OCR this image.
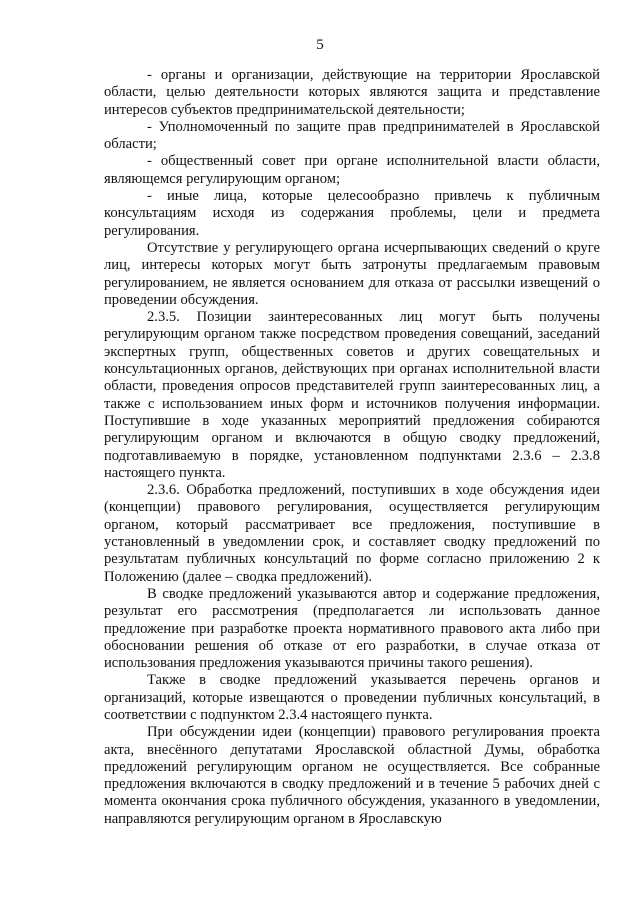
5

- органы и организации, действующие на территории Ярославской области, целью деятельности которых являются защита и представление интересов субъектов предпринимательской деятельности;

- Уполномоченный по защите прав предпринимателей в Ярославской области;

- общественный совет при органе исполнительной власти области, являющемся регулирующим органом;

- иные лица, которые целесообразно привлечь к публичным консультациям исходя из содержания проблемы, цели и предмета регулирования.

Отсутствие у регулирующего органа исчерпывающих сведений о круге лиц, интересы которых могут быть затронуты предлагаемым правовым регулированием, не является основанием для отказа от рассылки извещений о проведении обсуждения.

2.3.5. Позиции заинтересованных лиц могут быть получены регулирующим органом также посредством проведения совещаний, заседаний экспертных групп, общественных советов и других совещательных и консультационных органов, действующих при органах исполнительной власти области, проведения опросов представителей групп заинтересованных лиц, а также с использованием иных форм и источников получения информации. Поступившие в ходе указанных мероприятий предложения собираются регулирующим органом и включаются в общую сводку предложений, подготавливаемую в порядке, установленном подпунктами 2.3.6 – 2.3.8 настоящего пункта.

2.3.6. Обработка предложений, поступивших в ходе обсуждения идеи (концепции) правового регулирования, осуществляется регулирующим органом, который рассматривает все предложения, поступившие в установленный в уведомлении срок, и составляет сводку предложений по результатам публичных консультаций по форме согласно приложению 2 к Положению (далее – сводка предложений).

В сводке предложений указываются автор и содержание предложения, результат его рассмотрения (предполагается ли использовать данное предложение при разработке проекта нормативного правового акта либо при обосновании решения об отказе от его разработки, в случае отказа от использования предложения указываются причины такого решения).

Также в сводке предложений указывается перечень органов и организаций, которые извещаются о проведении публичных консультаций, в соответствии с подпунктом 2.3.4 настоящего пункта.

При обсуждении идеи (концепции) правового регулирования проекта акта, внесённого депутатами Ярославской областной Думы, обработка предложений регулирующим органом не осуществляется. Все собранные предложения включаются в сводку предложений и в течение 5 рабочих дней с момента окончания срока публичного обсуждения, указанного в уведомлении, направляются регулирующим органом в Ярославскую
